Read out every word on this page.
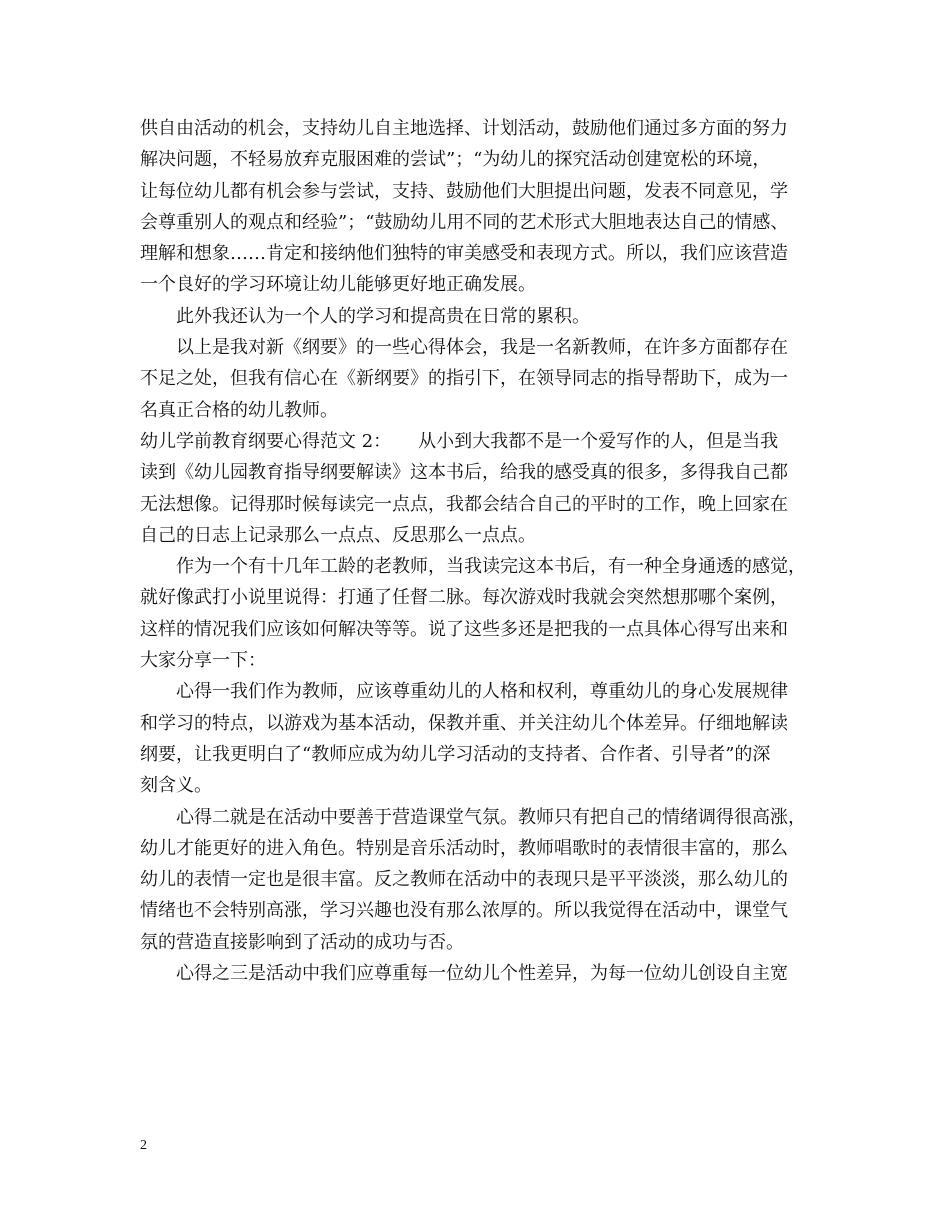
供自由活动的机会，支持幼儿自主地选择、计划活动，鼓励他们通过多方面的努力
解决问题，不轻易放弃克服困难的尝试”；“为幼儿的探究活动创建宽松的环境，
让每位幼儿都有机会参与尝试，支持、鼓励他们大胆提出问题，发表不同意见，学
会尊重别人的观点和经验”；“鼓励幼儿用不同的艺术形式大胆地表达自己的情感、
理解和想象……肯定和接纳他们独特的审美感受和表现方式。所以，我们应该营造
一个良好的学习环境让幼儿能够更好地正确发展。
此外我还认为一个人的学习和提高贵在日常的累积。
以上是我对新《纲要》的一些心得体会，我是一名新教师，在许多方面都存在
不足之处，但我有信心在《新纲要》的指引下，在领导同志的指导帮助下，成为一
名真正合格的幼儿教师。
幼儿学前教育纲要心得范文 2：　　从小到大我都不是一个爱写作的人，但是当我
读到《幼儿园教育指导纲要解读》这本书后，给我的感受真的很多，多得我自己都
无法想像。记得那时候每读完一点点，我都会结合自己的平时的工作，晚上回家在
自己的日志上记录那么一点点、反思那么一点点。
作为一个有十几年工龄的老教师，当我读完这本书后，有一种全身通透的感觉，
就好像武打小说里说得：打通了任督二脉。每次游戏时我就会突然想那哪个案例，
这样的情况我们应该如何解决等等。说了这些多还是把我的一点具体心得写出来和
大家分享一下：
心得一我们作为教师，应该尊重幼儿的人格和权利，尊重幼儿的身心发展规律
和学习的特点，以游戏为基本活动，保教并重、并关注幼儿个体差异。仔细地解读
纲要，让我更明白了“教师应成为幼儿学习活动的支持者、合作者、引导者”的深
刻含义。
心得二就是在活动中要善于营造课堂气氛。教师只有把自己的情绪调得很高涨，
幼儿才能更好的进入角色。特别是音乐活动时，教师唱歌时的表情很丰富的，那么
幼儿的表情一定也是很丰富。反之教师在活动中的表现只是平平淡淡，那么幼儿的
情绪也不会特别高涨，学习兴趣也没有那么浓厚的。所以我觉得在活动中，课堂气
氛的营造直接影响到了活动的成功与否。
心得之三是活动中我们应尊重每一位幼儿个性差异，为每一位幼儿创设自主宽
2
